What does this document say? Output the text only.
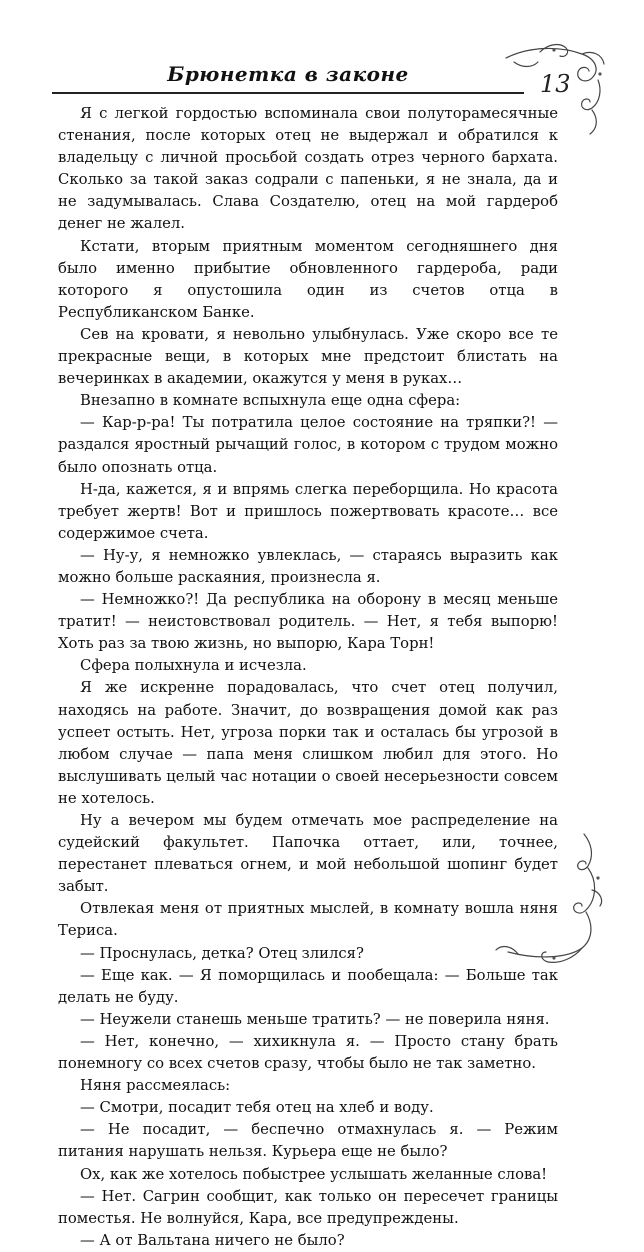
Брюнетка в законе	13

Я с легкой гордостью вспоминала свои полуторамесячные стенания, после которых отец не выдержал и обратился к владельцу с личной просьбой создать отрез черного бархата. Сколько за такой заказ содрали с папеньки, я не знала, да и не задумывалась. Слава Создателю, отец на мой гардероб денег не жалел.

Кстати, вторым приятным моментом сегодняшнего дня было именно прибытие обновленного гардероба, ради которого я опустошила один из счетов отца в Республиканском Банке.

Сев на кровати, я невольно улыбнулась. Уже скоро все те прекрасные вещи, в которых мне предстоит блистать на вечеринках в академии, окажутся у меня в руках…

Внезапно в комнате вспыхнула еще одна сфера:

— Кар-р-ра! Ты потратила целое состояние на тряпки?! — раздался яростный рычащий голос, в котором с трудом можно было опознать отца.

Н-да, кажется, я и впрямь слегка переборщила. Но красота требует жертв! Вот и пришлось пожертвовать красоте… все содержимое счета.

— Ну-у, я немножко увлеклась, — стараясь выразить как можно больше раскаяния, произнесла я.

— Немножко?! Да республика на оборону в месяц меньше тратит! — неистовствовал родитель. — Нет, я тебя выпорю! Хоть раз за твою жизнь, но выпорю, Кара Торн!

Сфера полыхнула и исчезла.

Я же искренне порадовалась, что счет отец получил, находясь на работе. Значит, до возвращения домой как раз успеет остыть. Нет, угроза порки так и осталась бы угрозой в любом случае — папа меня слишком любил для этого. Но выслушивать целый час нотации о своей несерьезности совсем не хотелось.

Ну а вечером мы будем отмечать мое распределение на судейский факультет. Папочка оттает, или, точнее, перестанет плеваться огнем, и мой небольшой шопинг будет забыт.

Отвлекая меня от приятных мыслей, в комнату вошла няня Териса.

— Проснулась, детка? Отец злился?

— Еще как. — Я поморщилась и пообещала: — Больше так делать не буду.

— Неужели станешь меньше тратить? — не поверила няня.

— Нет, конечно, — хихикнула я. — Просто стану брать понемногу со всех счетов сразу, чтобы было не так заметно.

Няня рассмеялась:

— Смотри, посадит тебя отец на хлеб и воду.

— Не посадит, — беспечно отмахнулась я. — Режим питания нарушать нельзя. Курьера еще не было?

Ох, как же хотелось побыстрее услышать желанные слова!

— Нет. Сагрин сообщит, как только он пересечет границы поместья. Не волнуйся, Кара, все предупреждены.

— А от Вальтана ничего не было?
